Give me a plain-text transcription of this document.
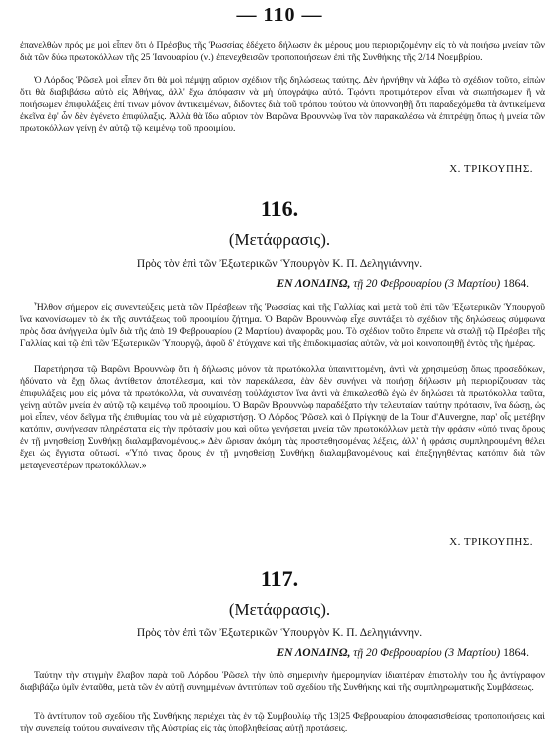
— 110 —
ἐπανελθὼν πρός με μοὶ εἶπεν ὅτι ὁ Πρέσβυς τῆς Ῥωσσίας ἐδέχετο δήλωσιν ἐκ μέρους μου περιοριζομένην εἰς τὸ νὰ ποιήσω μνείαν τῶν διὰ τῶν δύω πρωτοκόλλων τῆς 25 Ἰανουαρίου (ν.) ἐπενεχθεισῶν τροποποιήσεων ἐπὶ τῆς Συνθήκης τῆς 2/14 Νοεμβρίου.
Ὁ Λόρδος Ῥῶσελ μοὶ εἶπεν ὅτι θὰ μοὶ πέμψῃ αὔριον σχέδιον τῆς δηλώσεως ταύτης. Δὲν ἠρνήθην νὰ λάβω τὸ σχέδιον τοῦτο, εἰπὼν ὅτι θὰ διαβιβάσω αὐτὸ εἰς Ἀθήνας, ἀλλ' ἔχω ἀπόφασιν νὰ μὴ ὑπογράψω αὐτό. Τῳόντι προτιμότερον εἶναι νὰ σιωπήσωμεν ἢ νὰ ποιήσωμεν ἐπιφυλάξεις ἐπί τινων μόνον ἀντικειμένων, διδοντες διὰ τοῦ τρόπου τούτου νὰ ὑποννοηθῇ ὅτι παραδεχόμεθα τὰ ἀντικείμενα ἐκεῖνα ἐφ' ὧν δὲν ἐγένετο ἐπιφύλαξις. Ἀλλὰ θὰ ἴδω αὔριον τὸν Βαρῶνα Βρουννὼφ ἵνα τὸν παρακαλέσω νὰ ἐπιτρέψῃ ὅπως ἡ μνεία τῶν πρωτοκόλλων γείνῃ ἐν αὐτῷ τῷ κειμένῳ τοῦ προοιμίου.
Χ. ΤΡΙΚΟΥΠΗΣ.
116.
(Μετάφρασις).
Πρὸς τὸν ἐπὶ τῶν Ἐξωτερικῶν Ὑπουργὸν Κ. Π. Δεληγιάννην.
ΕΝ ΛΟΝΔΙΝΩ, τῇ 20 Φεβρουαρίου (3 Μαρτίου) 1864.
Ἦλθον σήμερον εἰς συνεντεύξεις μετὰ τῶν Πρέσβεων τῆς Ῥωσσίας καὶ τῆς Γαλλίας καὶ μετὰ τοῦ ἐπὶ τῶν Ἐξωτερικῶν Ὑπουργοῦ ἵνα κανονίσωμεν τὸ ἐκ τῆς συντάξεως τοῦ προοιμίου ζήτημα. Ὁ Βαρῶν Βρουννὼφ εἶχε συντάξει τὸ σχέδιον τῆς δηλώσεως σύμφωνα πρὸς ὅσα ἀνήγγειλα ὑμῖν διὰ τῆς ἀπὸ 19 Φεβρουαρίου (2 Μαρτίου) ἀναφορᾶς μου. Τὸ σχέδιον τοῦτο ἔπρεπε νὰ σταλῇ τῷ Πρέσβει τῆς Γαλλίας καὶ τῷ ἐπὶ τῶν Ἐξωτερικῶν Ὑπουργῷ, ἀφοῦ δ' ἐτύγχανε καὶ τῆς ἐπιδοκιμασίας αὐτῶν, νὰ μοὶ κοινοποιηθῇ ἐντὸς τῆς ἡμέρας.
Παρετήρησα τῷ Βαρῶνι Βρουννὼφ ὅτι ἡ δήλωσις μόνον τὰ πρωτόκολλα ὑπαινιττομένη, ἀντὶ νὰ χρησιμεύσῃ ὅπως προσεδόκων, ἠδύνατο νὰ ἔχῃ ὅλως ἀντίθετον ἀποτέλεσμα, καὶ τὸν παρεκάλεσα, ἐὰν δὲν συνήνει νὰ ποιήσῃ δήλωσιν μὴ περιορίζουσαν τὰς ἐπιφυλάξεις μου εἰς μόνα τὰ πρωτόκολλα, νὰ συναινέσῃ τοὐλάχιστον ἵνα ἀντὶ νὰ ἐπικαλεσθῶ ἐγὼ ἐν δηλώσει τὰ πρωτόκολλα ταῦτα, γείνῃ αὐτῶν μνεία ἐν αὐτῷ τῷ κειμένῳ τοῦ προοιμίου. Ὁ Βαρῶν Βρουννὼφ παραδέξατο τὴν τελευταίαν ταύτην πρότασιν, ἵνα δώσῃ, ὡς μοὶ εἶπεν, νέον δεῖγμα τῆς ἐπιθυμίας του νὰ μὲ εὐχαριστήσῃ. Ὁ Λόρδος Ῥῶσελ καὶ ὁ Πρίγκηψ de la Tour d'Auvergne, παρ' οἷς μετέβην κατόπιν, συνήνεσαν πληρέστατα εἰς τὴν πρότασίν μου καὶ οὕτω γενήσεται μνεία τῶν πρωτοκόλλων μετὰ τὴν φράσιν «ὑπό τινας ὅρους ἐν τῇ μνησθείσῃ Συνθήκῃ διαλαμβανομένους.» Δὲν ὥρισαν ἀκόμη τὰς προστεθησομένας λέξεις, ἀλλ' ἡ φράσις συμπληρουμένη θέλει ἔχει ὡς ἔγγιστα οὕτωσί. «Ὑπό τινας ὅρους ἐν τῇ μνησθείσῃ Συνθήκῃ διαλαμβανομένους καὶ ἐπεξηγηθέντας κατόπιν διὰ τῶν μεταγενεστέρων πρωτοκόλλων.»
Χ. ΤΡΙΚΟΥΠΗΣ.
117.
(Μετάφρασις).
Πρὸς τὸν ἐπὶ τῶν Ἐξωτερικῶν Ὑπουργὸν Κ. Π. Δεληγιάννην.
ΕΝ ΛΟΝΔΙΝΩ, τῇ 20 Φεβρουαρίου (3 Μαρτίου) 1864.
Ταύτην τὴν στιγμὴν ἔλαβον παρὰ τοῦ Λόρδου Ῥῶσελ τὴν ὑπὸ σημερινὴν ἡμερομηνίαν ἰδιαιτέραν ἐπιστολὴν του ἧς ἀντίγραφον διαβιβάζω ὑμῖν ἐνταῦθα, μετὰ τῶν ἐν αὐτῇ συνημμένων ἀντιτύπων τοῦ σχεδίου τῆς Συνθήκης καὶ τῆς συμπληρωματικῆς Συμβάσεως.
Τὸ ἀντίτυπον τοῦ σχεδίου τῆς Συνθήκης περιέχει τὰς ἐν τῷ Συμβουλίῳ τῆς 13|25 Φεβρουαρίου ἀποφασισθείσας τροποποιήσεις καὶ τὴν συνεπείᾳ τούτου συναίνεσιν τῆς Αὐστρίας εἰς τὰς ὑποβληθείσας αὐτῇ προτάσεις.
